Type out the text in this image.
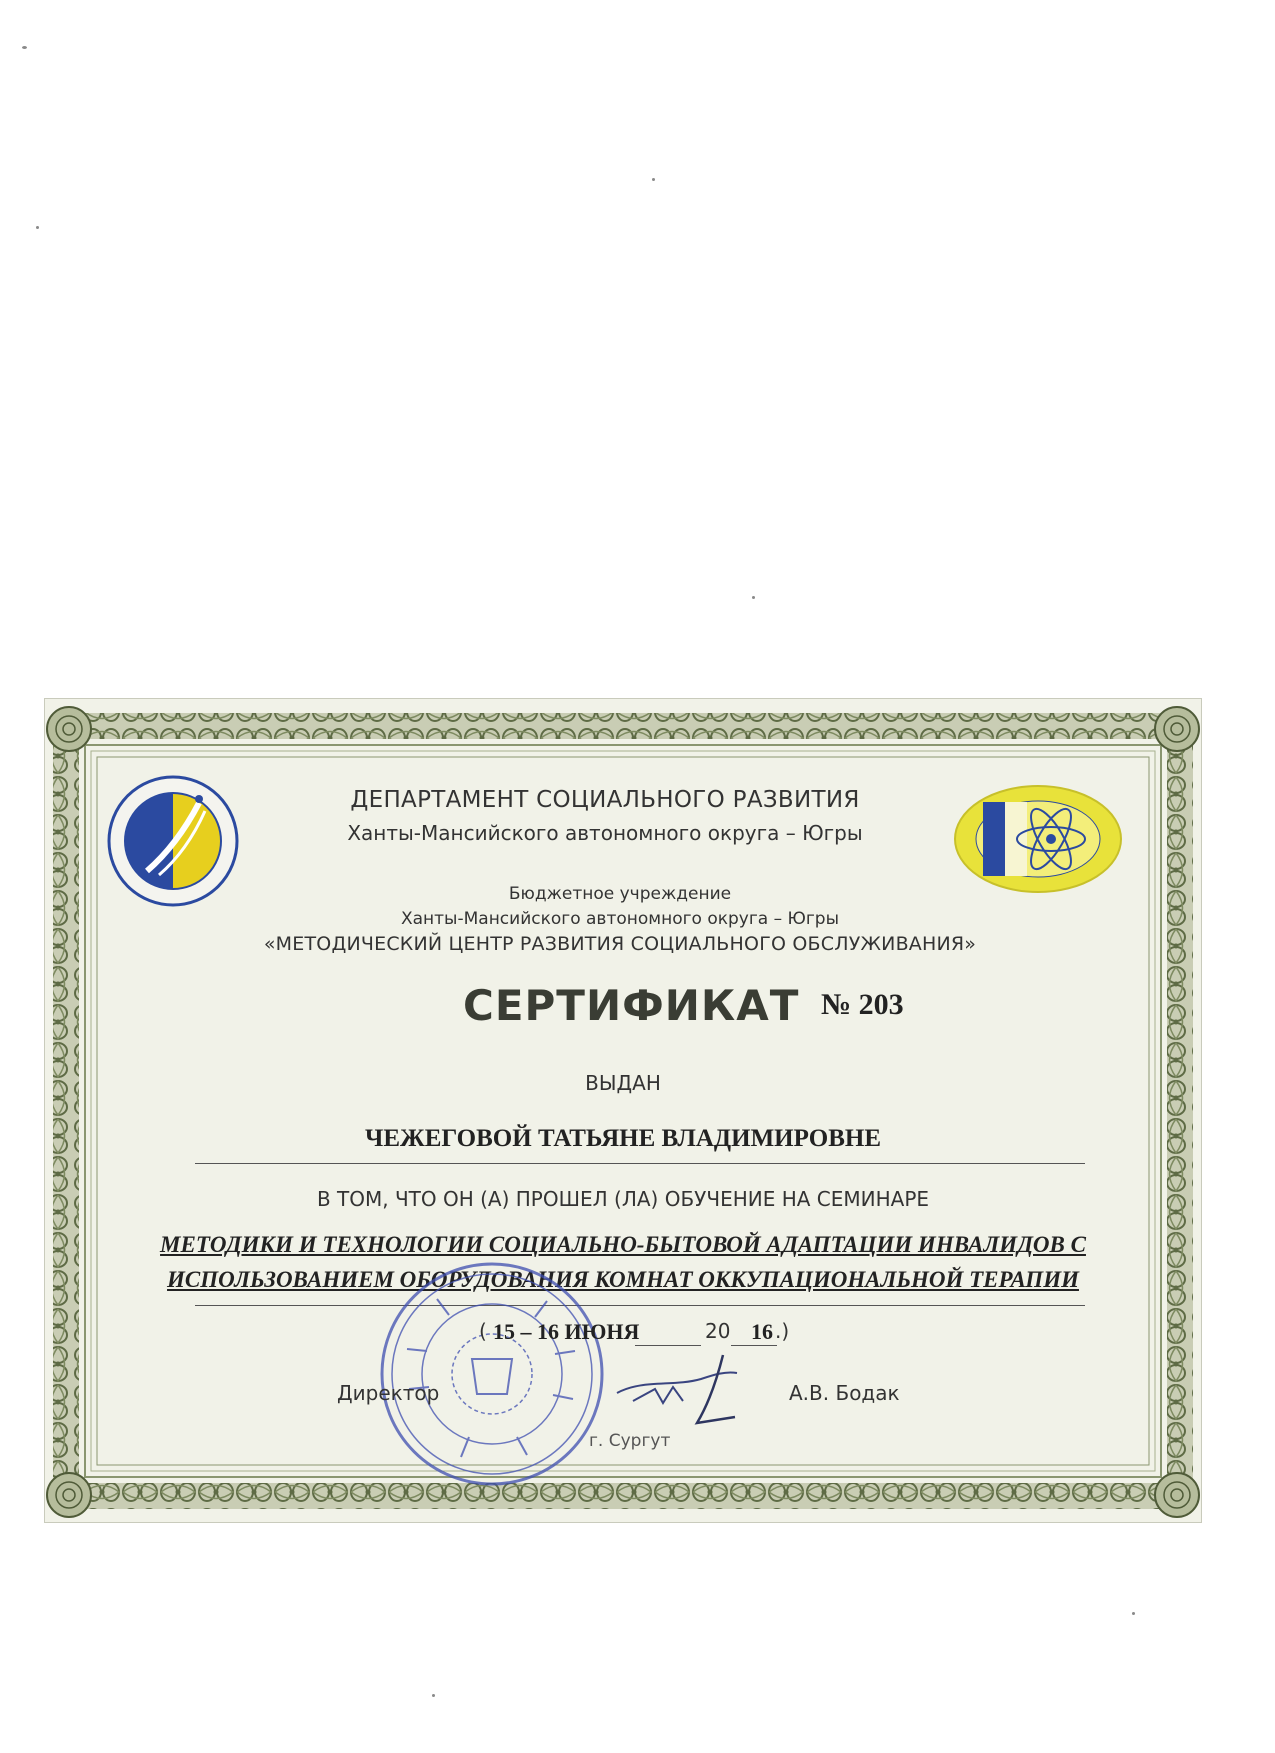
ДЕПАРТАМЕНТ СОЦИАЛЬНОГО РАЗВИТИЯ
Ханты-Мансийского автономного округа – Югры
Бюджетное учреждение
Ханты-Мансийского автономного округа – Югры
«МЕТОДИЧЕСКИЙ ЦЕНТР РАЗВИТИЯ СОЦИАЛЬНОГО ОБСЛУЖИВАНИЯ»
СЕРТИФИКАТ № 203
ВЫДАН
ЧЕЖЕГОВОЙ ТАТЬЯНЕ ВЛАДИМИРОВНЕ
В ТОМ, ЧТО ОН (А) ПРОШЕЛ (ЛА) ОБУЧЕНИЕ НА СЕМИНАРЕ
МЕТОДИКИ И ТЕХНОЛОГИИ СОЦИАЛЬНО-БЫТОВОЙ АДАПТАЦИИ ИНВАЛИДОВ С
ИСПОЛЬЗОВАНИЕМ ОБОРУДОВАНИЯ КОМНАТ ОККУПАЦИОНАЛЬНОЙ ТЕРАПИИ
( 15 – 16 ИЮНЯ	20 16 .)
Директор	А.В. Бодак
г. Сургут
